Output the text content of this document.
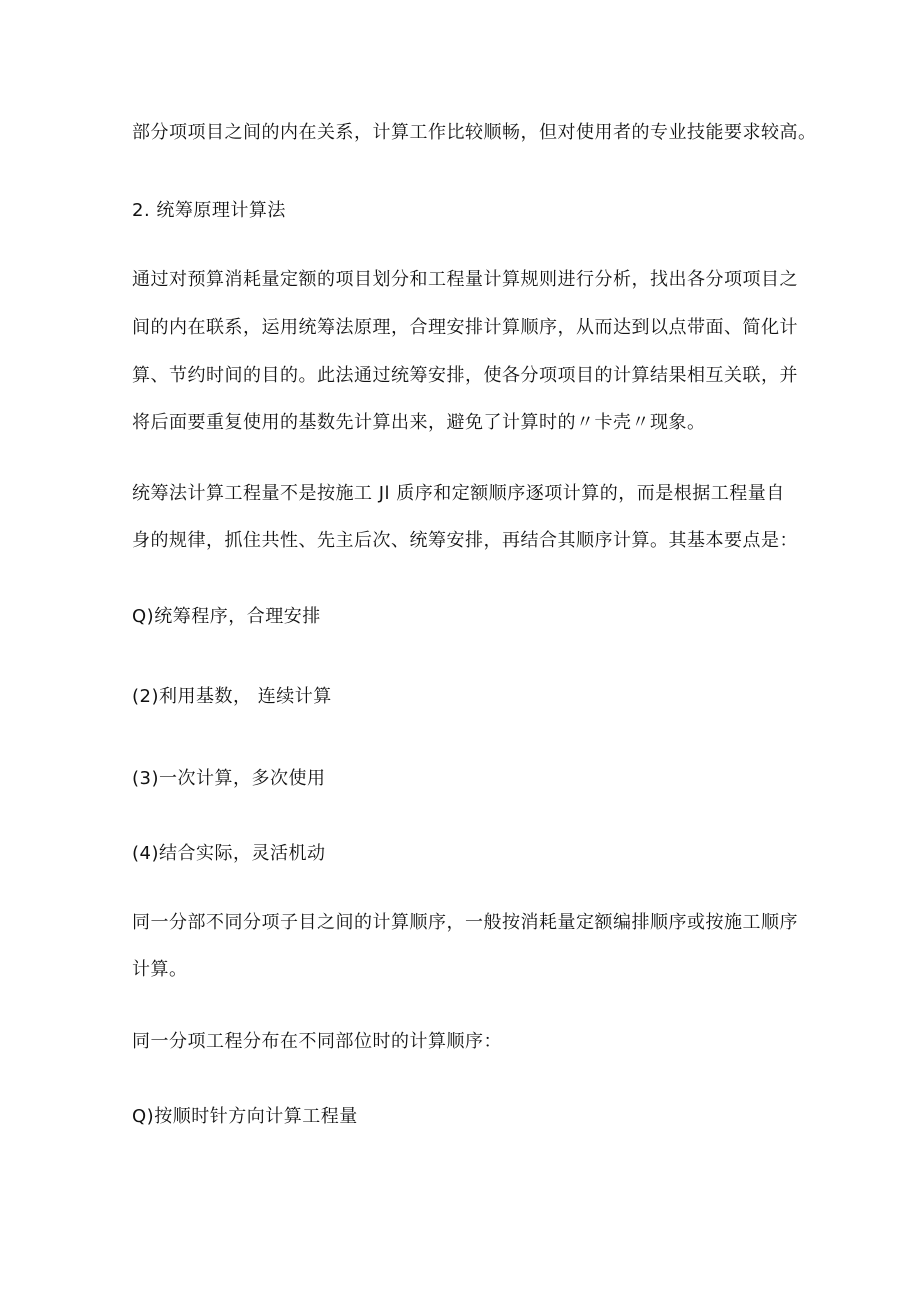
部分项项目之间的内在关系，计算工作比较顺畅，但对使用者的专业技能要求较高。
2. 统筹原理计算法
通过对预算消耗量定额的项目划分和工程量计算规则进行分析，找出各分项项目之
间的内在联系，运用统筹法原理，合理安排计算顺序，从而达到以点带面、简化计
算、节约时间的目的。此法通过统筹安排，使各分项项目的计算结果相互关联，并
将后面要重复使用的基数先计算出来，避免了计算时的〃卡壳〃现象。
统筹法计算工程量不是按施工 Jl 质序和定额顺序逐项计算的，而是根据工程量自
身的规律，抓住共性、先主后次、统筹安排，再结合其顺序计算。其基本要点是：
Q)统筹程序，合理安排
(2)利用基数， 连续计算
(3)一次计算，多次使用
(4)结合实际，灵活机动
同一分部不同分项子目之间的计算顺序，一般按消耗量定额编排顺序或按施工顺序
计算。
同一分项工程分布在不同部位时的计算顺序：
Q)按顺时针方向计算工程量
